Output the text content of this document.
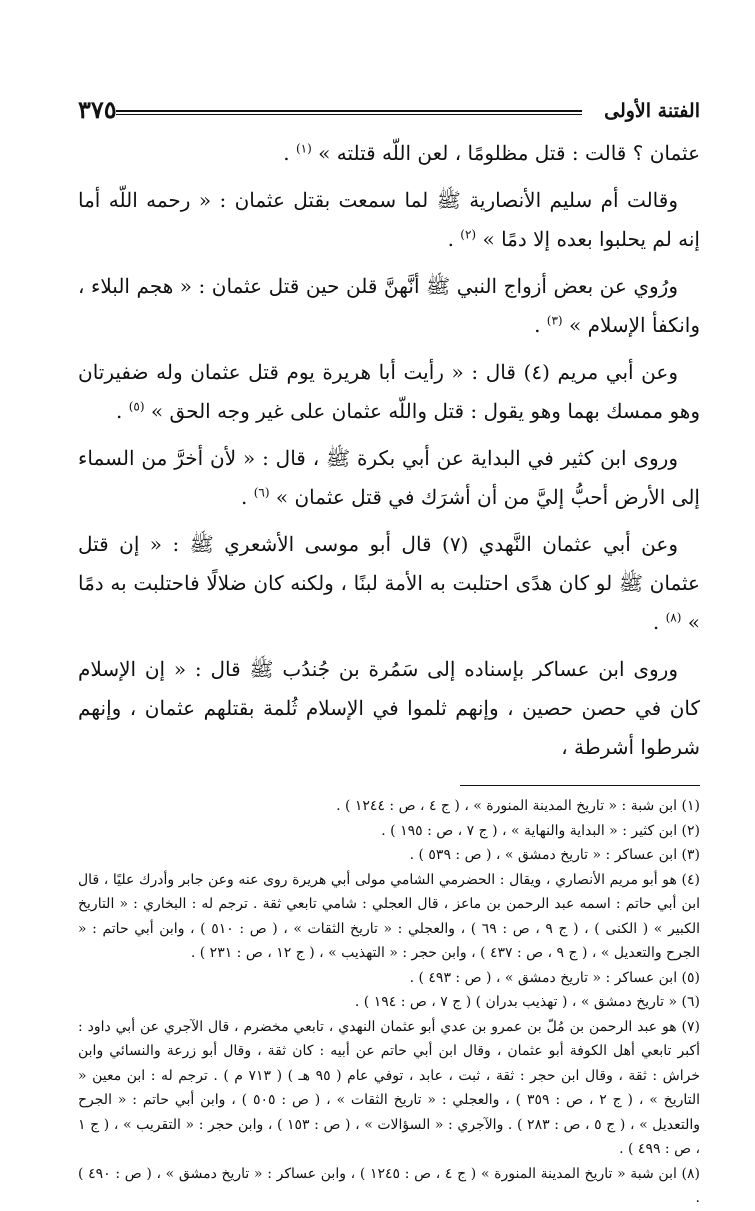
الفتنة الأولى
٣٧٥

عثمان ؟ قالت : قتل مظلومًا ، لعن اللّه قتلته » $^{(١)}$ .

وقالت أم سليم الأنصارية ﷺ لما سمعت بقتل عثمان : « رحمه اللّه أما إنه لم يحلبوا بعده إلا دمًا » $^{(٢)}$ .

ورُوي عن بعض أزواج النبي ﷺ أنَّهنَّ قلن حين قتل عثمان : « هجم البلاء ، وانكفأ الإسلام » $^{(٣)}$ .

وعن أبي مريم (٤) قال : « رأيت أبا هريرة يوم قتل عثمان وله ضفيرتان وهو ممسك بهما وهو يقول : قتل واللّه عثمان على غير وجه الحق » $^{(٥)}$ .

وروى ابن كثير في البداية عن أبي بكرة ﷺ ، قال : « لأن أخرَّ من السماء إلى الأرض أحبُّ إليَّ من أن أشرَك في قتل عثمان » $^{(٦)}$ .

وعن أبي عثمان النَّهدي (٧) قال أبو موسى الأشعري ﷺ : « إن قتل عثمان ﷺ لو كان هدًى احتلبت به الأمة لبنًا ، ولكنه كان ضلالًا فاحتلبت به دمًا » $^{(٨)}$ .

وروى ابن عساكر بإسناده إلى سَمُرة بن جُندُب ﷺ قال : « إن الإسلام كان في حصن حصين ، وإنهم ثلموا في الإسلام ثُلمة بقتلهم عثمان ، وإنهم شرطوا أشرطة ،

(١) ابن شبة : « تاريخ المدينة المنورة » ، ( ج ٤ ، ص : ١٢٤٤ ) .

(٢) ابن كثير : « البداية والنهاية » ، ( ج ٧ ، ص : ١٩٥ ) .

(٣) ابن عساكر : « تاريخ دمشق » ، ( ص : ٥٣٩ ) .

(٤) هو أبو مريم الأنصاري ، ويقال : الحضرمي الشامي مولى أبي هريرة روى عنه وعن جابر وأدرك عليًا ، قال ابن أبي حاتم : اسمه عبد الرحمن بن ماعز ، قال العجلي : شامي تابعي ثقة . ترجم له : البخاري : « التاريخ الكبير » ( الكنى ) ، ( ج ٩ ، ص : ٦٩ ) ، والعجلي : « تاريخ الثقات » ، ( ص : ٥١٠ ) ، وابن أبي حاتم : « الجرح والتعديل » ، ( ج ٩ ، ص : ٤٣٧ ) ، وابن حجر : « التهذيب » ، ( ج ١٢ ، ص : ٢٣١ ) .

(٥) ابن عساكر : « تاريخ دمشق » ، ( ص : ٤٩٣ ) .

(٦) « تاريخ دمشق » ، ( تهذيب بدران ) ( ج ٧ ، ص : ١٩٤ ) .

(٧) هو عبد الرحمن بن مُلّ بن عمرو بن عدي أبو عثمان النهدي ، تابعي مخضرم ، قال الآجري عن أبي داود : أكبر تابعي أهل الكوفة أبو عثمان ، وقال ابن أبي حاتم عن أبيه : كان ثقة ، وقال أبو زرعة والنسائي وابن خراش : ثقة ، وقال ابن حجر : ثقة ، ثبت ، عابد ، توفي عام ( ٩٥ هـ ) ( ٧١٣ م ) . ترجم له : ابن معين « التاريخ » ، ( ج ٢ ، ص : ٣٥٩ ) ، والعجلي : « تاريخ الثقات » ، ( ص : ٥٠٥ ) ، وابن أبي حاتم : « الجرح والتعديل » ، ( ج ٥ ، ص : ٢٨٣ ) . والآجري : « السؤالات » ، ( ص : ١٥٣ ) ، وابن حجر : « التقريب » ، ( ج ١ ، ص : ٤٩٩ ) .

(٨) ابن شبة « تاريخ المدينة المنورة » ( ج ٤ ، ص : ١٢٤٥ ) ، وابن عساكر : « تاريخ دمشق » ، ( ص : ٤٩٠ ) .
